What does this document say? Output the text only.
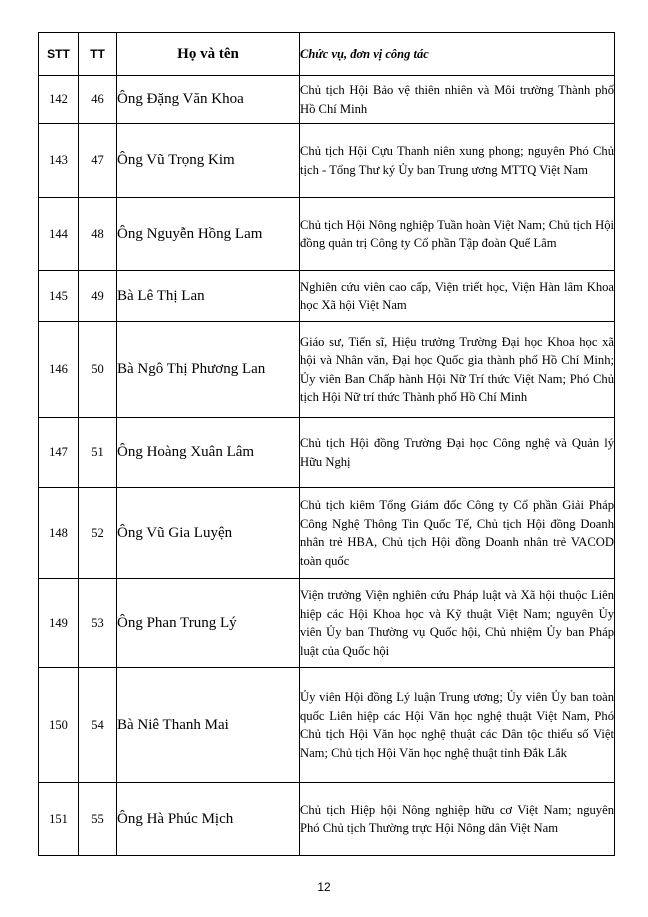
STT	TT	Họ và tên	Chức vụ, đơn vị công tác
142	46	Ông Đặng Văn Khoa	Chủ tịch Hội Bảo vệ thiên nhiên và Môi trường Thành phố Hồ Chí Minh
143	47	Ông Vũ Trọng Kim	Chủ tịch Hội Cựu Thanh niên xung phong; nguyên Phó Chủ tịch - Tổng Thư ký Ủy ban Trung ương MTTQ Việt Nam
144	48	Ông Nguyễn Hồng Lam	Chủ tịch Hội Nông nghiệp Tuần hoàn Việt Nam; Chủ tịch Hội đồng quản trị Công ty Cổ phần Tập đoàn Quế Lâm
145	49	Bà Lê Thị Lan	Nghiên cứu viên cao cấp, Viện triết học, Viện Hàn lâm Khoa học Xã hội Việt Nam
146	50	Bà Ngô Thị Phương Lan	Giáo sư, Tiến sĩ, Hiệu trưởng Trường Đại học Khoa học xã hội và Nhân văn, Đại học Quốc gia thành phố Hồ Chí Minh; Ủy viên Ban Chấp hành Hội Nữ Trí thức Việt Nam; Phó Chủ tịch Hội Nữ trí thức Thành phố Hồ Chí Minh
147	51	Ông Hoàng Xuân Lâm	Chủ tịch Hội đồng Trường Đại học Công nghệ và Quản lý Hữu Nghị
148	52	Ông Vũ Gia Luyện	Chủ tịch kiêm Tổng Giám đốc Công ty Cổ phần Giải Pháp Công Nghệ Thông Tin Quốc Tế, Chủ tịch Hội đồng Doanh nhân trẻ HBA, Chủ tịch Hội đồng Doanh nhân trẻ VACOD toàn quốc
149	53	Ông Phan Trung Lý	Viện trưởng Viện nghiên cứu Pháp luật và Xã hội thuộc Liên hiệp các Hội Khoa học và Kỹ thuật Việt Nam; nguyên Ủy viên Ủy ban Thường vụ Quốc hội, Chủ nhiệm Ủy ban Pháp luật của Quốc hội
150	54	Bà Niê Thanh Mai	Ủy viên Hội đồng Lý luận Trung ương; Ủy viên Ủy ban toàn quốc Liên hiệp các Hội Văn học nghệ thuật Việt Nam, Phó Chủ tịch Hội Văn học nghệ thuật các Dân tộc thiểu số Việt Nam; Chủ tịch Hội Văn học nghệ thuật tỉnh Đắk Lắk
151	55	Ông Hà Phúc Mịch	Chủ tịch Hiệp hội Nông nghiệp hữu cơ Việt Nam; nguyên Phó Chủ tịch Thường trực Hội Nông dân Việt Nam
12
